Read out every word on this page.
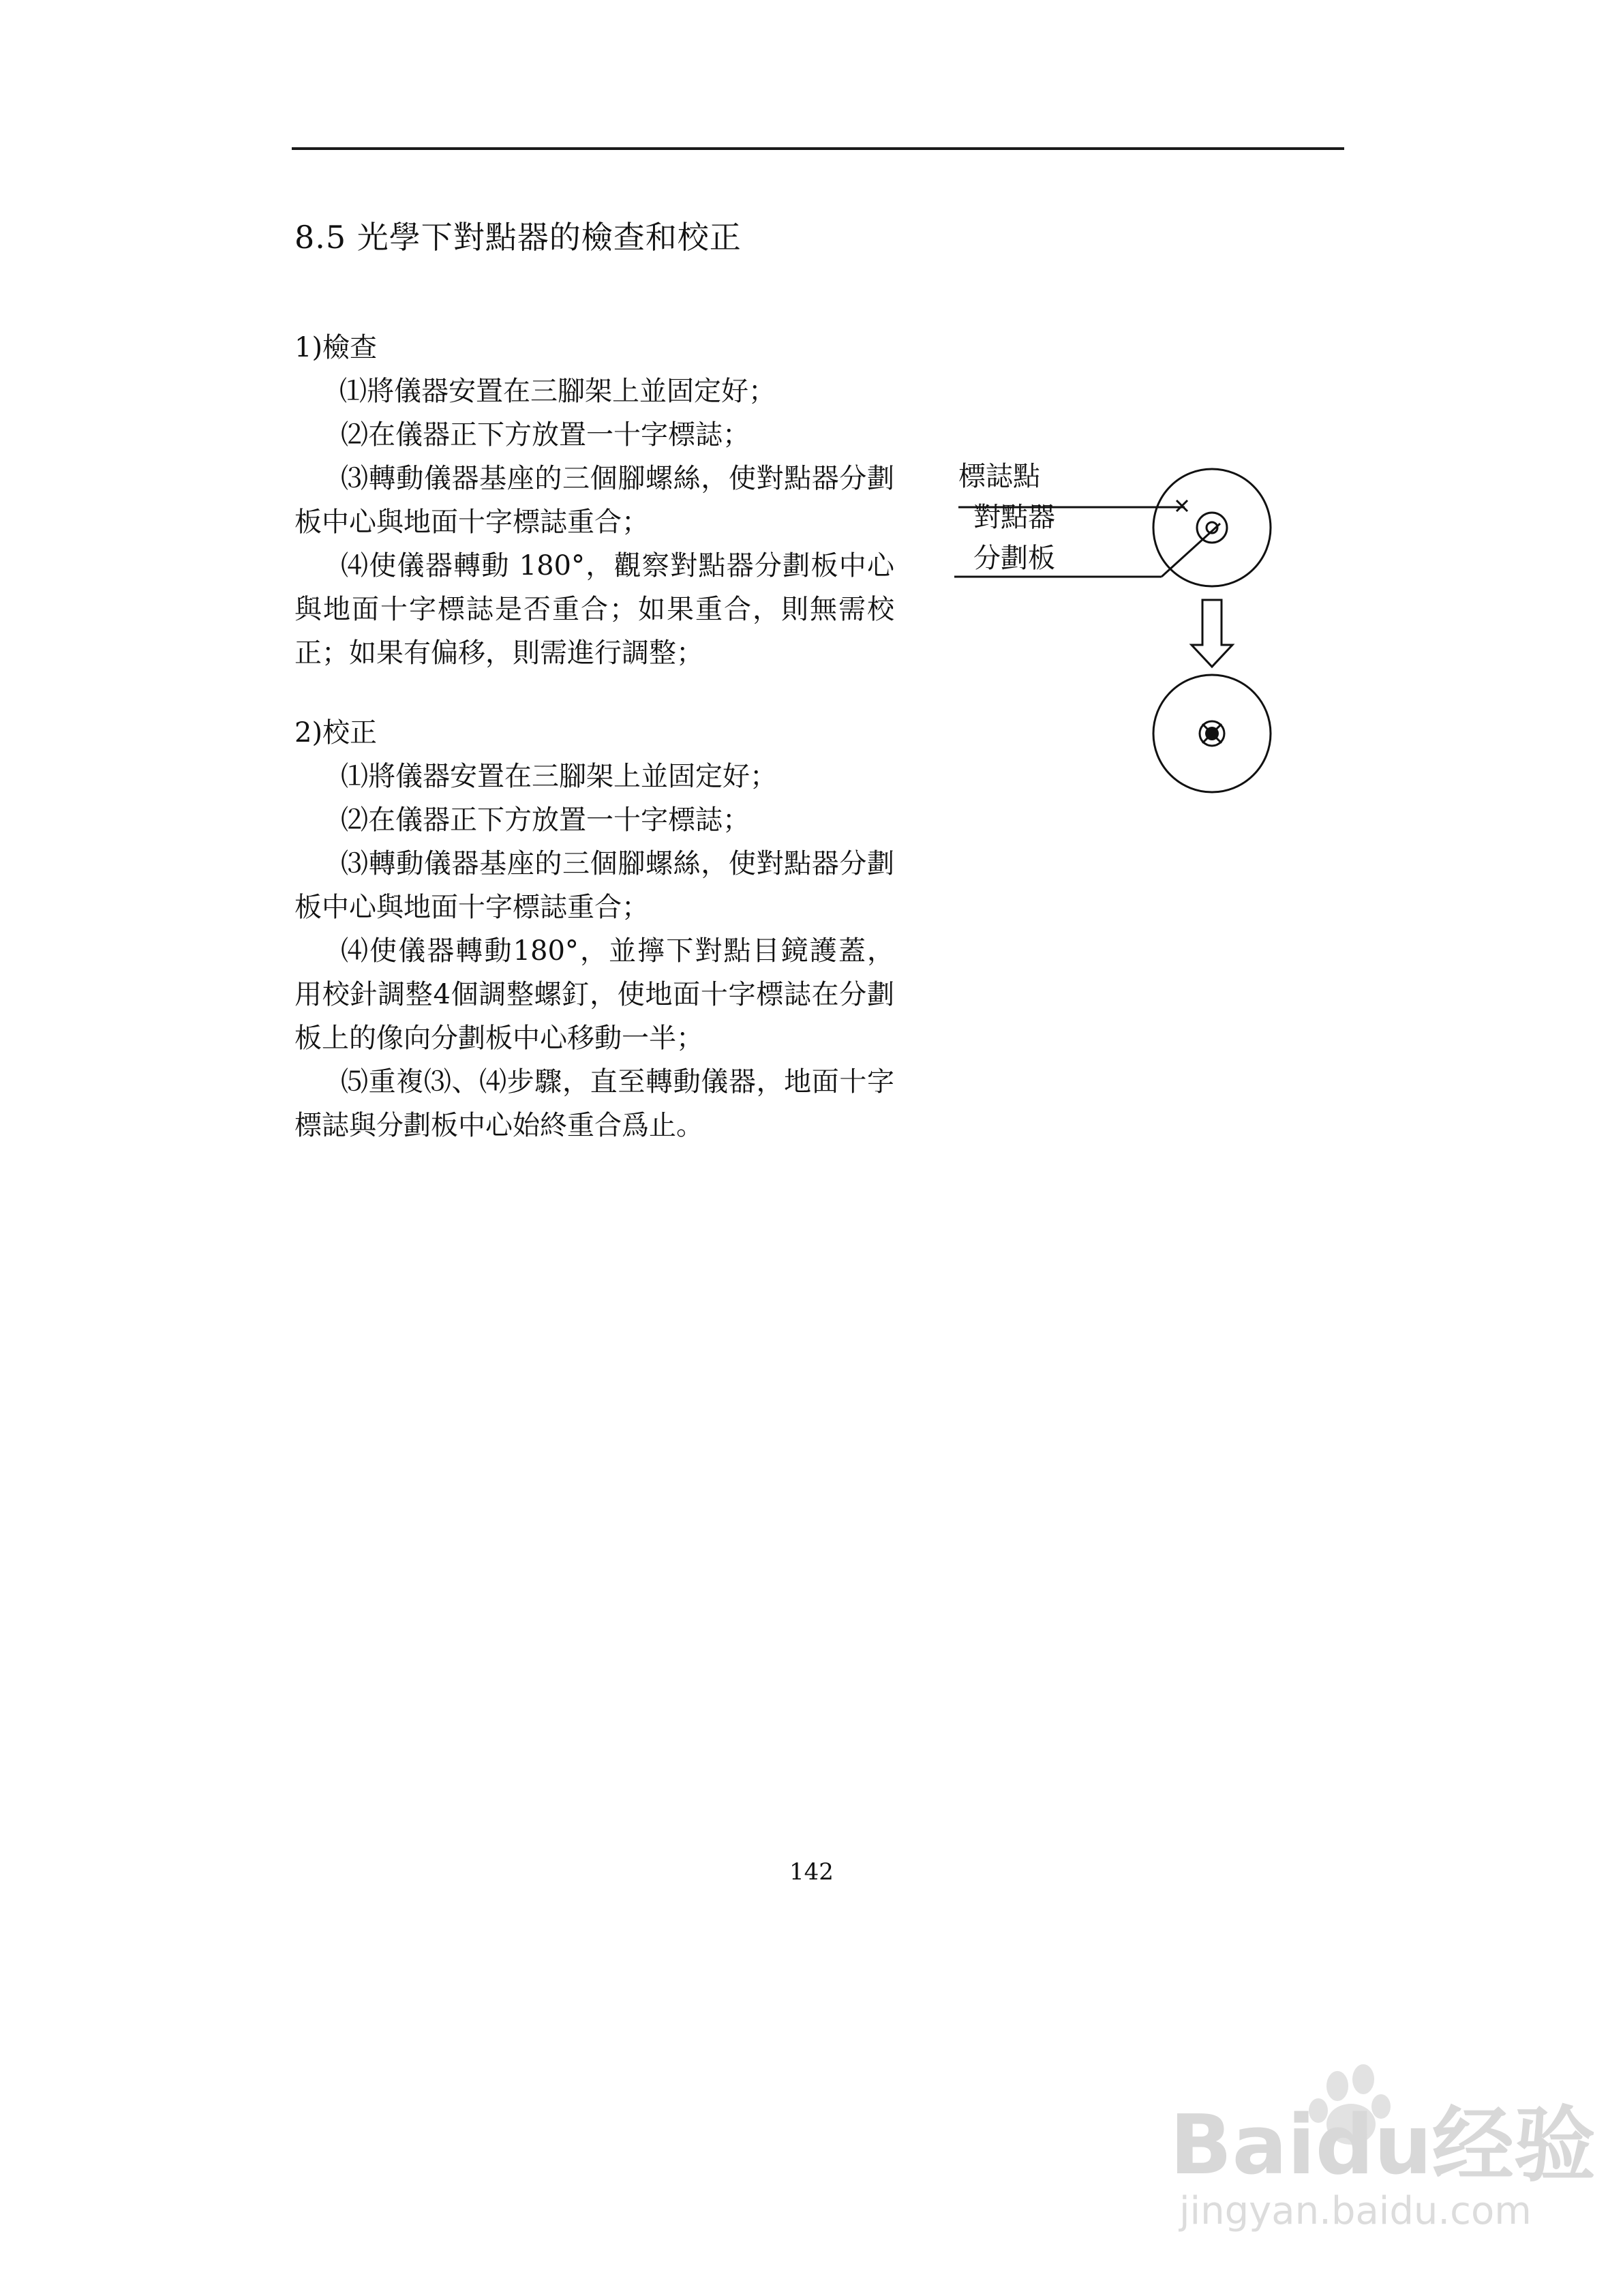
8.5 光學下對點器的檢查和校正
1)檢查
⑴將儀器安置在三腳架上並固定好；
⑵在儀器正下方放置一十字標誌；
⑶轉動儀器基座的三個腳螺絲，使對點器分劃板中心與地面十字標誌重合；
⑷使儀器轉動 180°，觀察對點器分劃板中心與地面十字標誌是否重合；如果重合，則無需校正；如果有偏移，則需進行調整；
2)校正
⑴將儀器安置在三腳架上並固定好；
⑵在儀器正下方放置一十字標誌；
⑶轉動儀器基座的三個腳螺絲，使對點器分劃板中心與地面十字標誌重合；
⑷使儀器轉動180°，並擰下對點目鏡護蓋，用校針調整4個調整螺釘，使地面十字標誌在分劃板上的像向分劃板中心移動一半；
⑸重複⑶、⑷步驟，直至轉動儀器，地面十字標誌與分劃板中心始終重合爲止。
標誌點
對點器
分劃板
142
Baidu经验
jingyan.baidu.com
